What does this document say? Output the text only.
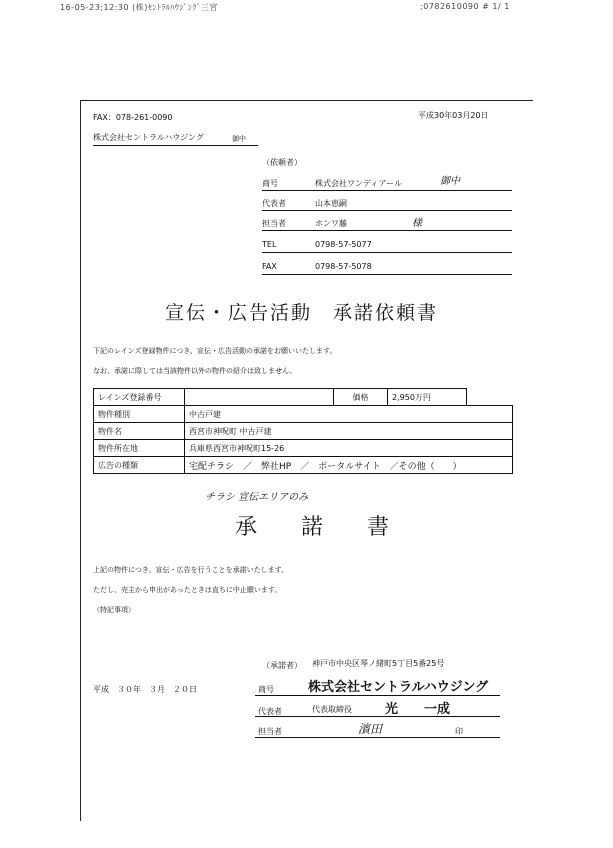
16-05-23;12:30 (株)ｾﾝﾄﾗﾙﾊｳｼﾞﾝｸﾞ三宮	;0782610090 # 1/ 1
FAX：078-261-0090
株式会社セントラルハウジング	御中
平成30年03月20日
（依頼者）
商号	株式会社ワンディアール	御中
代表者	山本恵嗣
担当者	ホンワ藤	様
TEL	0798-57-5077
FAX	0798-57-5078
宣伝・広告活動　承諾依頼書
下記のレインズ登録物件につき、宣伝・広告活動の承諾をお願いいたします。
なお、承諾に際しては当該物件以外の物件の紹介は致しません。
レインズ登録番号		価格	2,950万円	
物件種別	中古戸建			
物件名	西宮市神呪町 中古戸建			
物件所在地	兵庫県西宮市神呪町15-26			
広告の種類	宅配チラシ　／　弊社HP　／　ポータルサイト　／その他（　　）			
チラシ 宣伝エリアのみ
承　　諾　　書
上記の物件につき、宣伝・広告を行うことを承諾いたします。
ただし、売主から申出があったときは直ちに中止願います。
（特記事項）
（承諾者） 神戸市中央区琴ノ緒町5丁目5番25号
平成　３０年　３月　２０日	商号	株式会社セントラルハウジング
代表者	代表取締役	光　　一成
担当者	濱田	印
